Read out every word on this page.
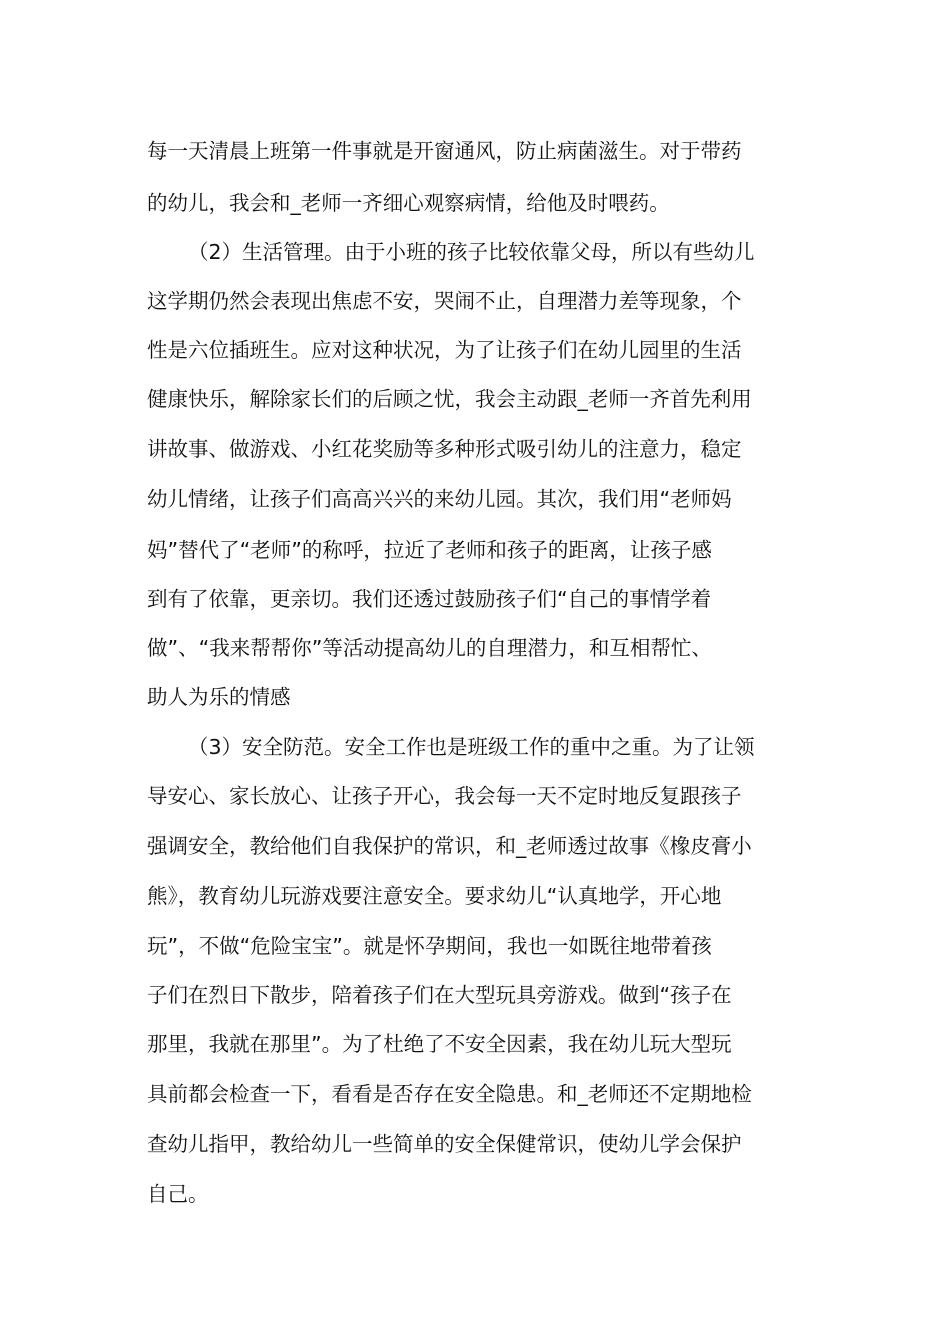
每一天清晨上班第一件事就是开窗通风，防止病菌滋生。对于带药

的幼儿，我会和_老师一齐细心观察病情，给他及时喂药。

（2）生活管理。由于小班的孩子比较依靠父母，所以有些幼儿

这学期仍然会表现出焦虑不安，哭闹不止，自理潜力差等现象，个

性是六位插班生。应对这种状况，为了让孩子们在幼儿园里的生活

健康快乐，解除家长们的后顾之忧，我会主动跟_老师一齐首先利用

讲故事、做游戏、小红花奖励等多种形式吸引幼儿的注意力，稳定

幼儿情绪，让孩子们高高兴兴的来幼儿园。其次，我们用“老师妈

妈”替代了“老师”的称呼，拉近了老师和孩子的距离，让孩子感

到有了依靠，更亲切。我们还透过鼓励孩子们“自己的事情学着

做”、“我来帮帮你”等活动提高幼儿的自理潜力，和互相帮忙、

助人为乐的情感

（3）安全防范。安全工作也是班级工作的重中之重。为了让领

导安心、家长放心、让孩子开心，我会每一天不定时地反复跟孩子

强调安全，教给他们自我保护的常识，和_老师透过故事《橡皮膏小

熊》，教育幼儿玩游戏要注意安全。要求幼儿“认真地学，开心地

玩”，不做“危险宝宝”。就是怀孕期间，我也一如既往地带着孩

子们在烈日下散步，陪着孩子们在大型玩具旁游戏。做到“孩子在

那里，我就在那里”。为了杜绝了不安全因素，我在幼儿玩大型玩

具前都会检查一下，看看是否存在安全隐患。和_老师还不定期地检

查幼儿指甲，教给幼儿一些简单的安全保健常识，使幼儿学会保护

自己。
